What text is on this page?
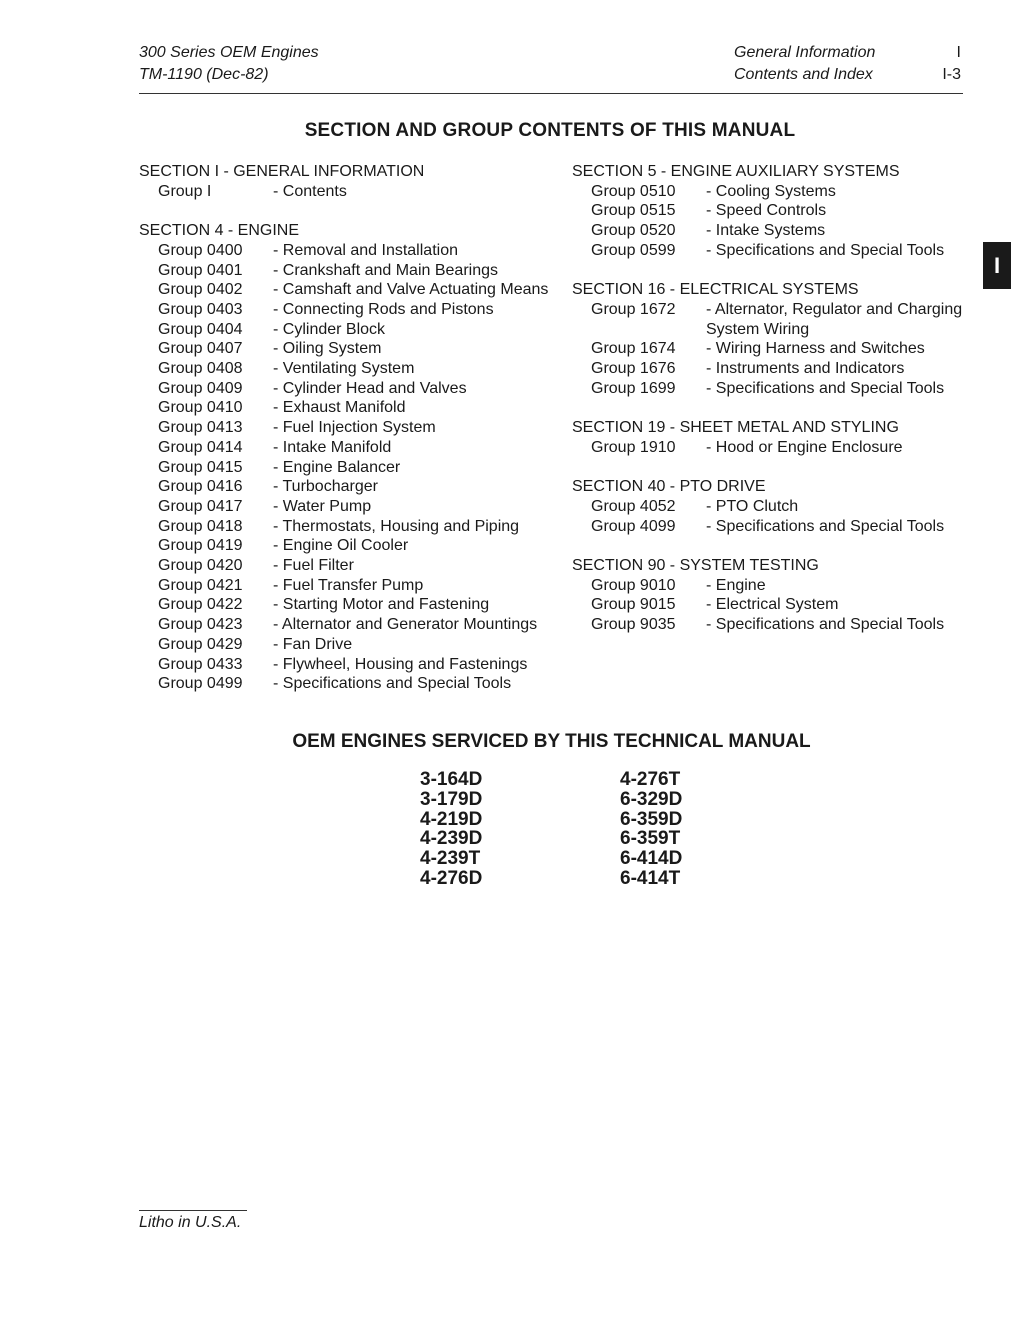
300 Series OEM Engines
TM-1190 (Dec-82)
General Information
Contents and Index
I
I-3
I
SECTION AND GROUP CONTENTS OF THIS MANUAL
SECTION I - GENERAL INFORMATION
Group I	- Contents
SECTION 4 - ENGINE
Group 0400	- Removal and Installation
Group 0401	- Crankshaft and Main Bearings
Group 0402	- Camshaft and Valve Actuating Means
Group 0403	- Connecting Rods and Pistons
Group 0404	- Cylinder Block
Group 0407	- Oiling System
Group 0408	- Ventilating System
Group 0409	- Cylinder Head and Valves
Group 0410	- Exhaust Manifold
Group 0413	- Fuel Injection System
Group 0414	- Intake Manifold
Group 0415	- Engine Balancer
Group 0416	- Turbocharger
Group 0417	- Water Pump
Group 0418	- Thermostats, Housing and Piping
Group 0419	- Engine Oil Cooler
Group 0420	- Fuel Filter
Group 0421	- Fuel Transfer Pump
Group 0422	- Starting Motor and Fastening
Group 0423	- Alternator and Generator Mountings
Group 0429	- Fan Drive
Group 0433	- Flywheel, Housing and Fastenings
Group 0499	- Specifications and Special Tools
SECTION 5 - ENGINE AUXILIARY SYSTEMS
Group 0510	- Cooling Systems
Group 0515	- Speed Controls
Group 0520	- Intake Systems
Group 0599	- Specifications and Special Tools
SECTION 16 - ELECTRICAL SYSTEMS
Group 1672	- Alternator, Regulator and Charging System Wiring
Group 1674	- Wiring Harness and Switches
Group 1676	- Instruments and Indicators
Group 1699	- Specifications and Special Tools
SECTION 19 - SHEET METAL AND STYLING
Group 1910	- Hood or Engine Enclosure
SECTION 40 - PTO DRIVE
Group 4052	- PTO Clutch
Group 4099	- Specifications and Special Tools
SECTION 90 - SYSTEM TESTING
Group 9010	- Engine
Group 9015	- Electrical System
Group 9035	- Specifications and Special Tools
OEM ENGINES SERVICED BY THIS TECHNICAL MANUAL
3-164D
3-179D
4-219D
4-239D
4-239T
4-276D
4-276T
6-329D
6-359D
6-359T
6-414D
6-414T
Litho in U.S.A.
